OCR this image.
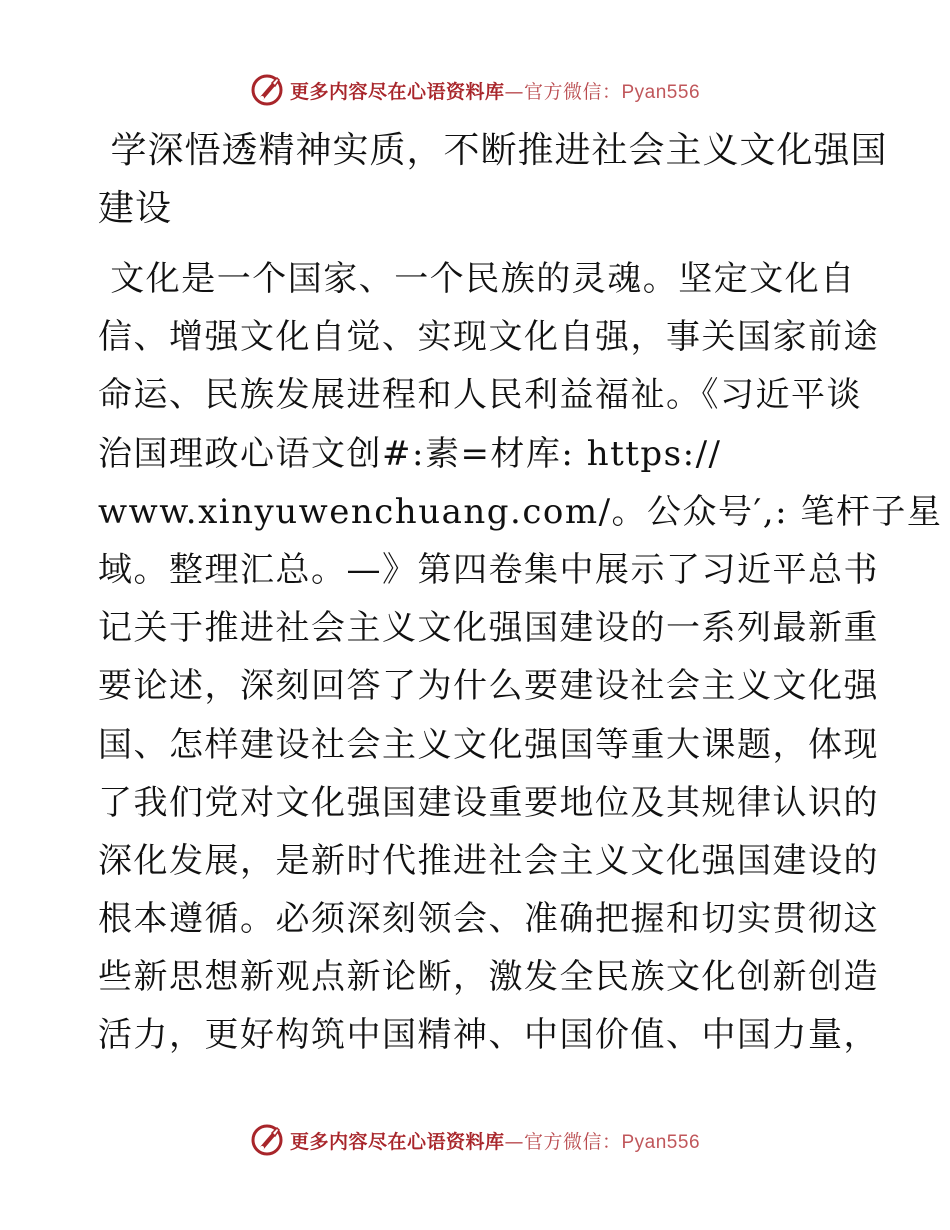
更多内容尽在心语资料库—官方微信：Pyan556
学深悟透精神实质，不断推进社会主义文化强国
建设
文化是一个国家、一个民族的灵魂。坚定文化自
信、增强文化自觉、实现文化自强，事关国家前途
命运、民族发展进程和人民利益福祉。《习近平谈
治国理政心语文创#:素=材库: https://
www.xinyuwenchuang.com/。公众号′,: 笔杆子星
域。整理汇总。—》第四卷集中展示了习近平总书
记关于推进社会主义文化强国建设的一系列最新重
要论述，深刻回答了为什么要建设社会主义文化强
国、怎样建设社会主义文化强国等重大课题，体现
了我们党对文化强国建设重要地位及其规律认识的
深化发展，是新时代推进社会主义文化强国建设的
根本遵循。必须深刻领会、准确把握和切实贯彻这
些新思想新观点新论断，激发全民族文化创新创造
活力，更好构筑中国精神、中国价值、中国力量，
更多内容尽在心语资料库—官方微信：Pyan556
